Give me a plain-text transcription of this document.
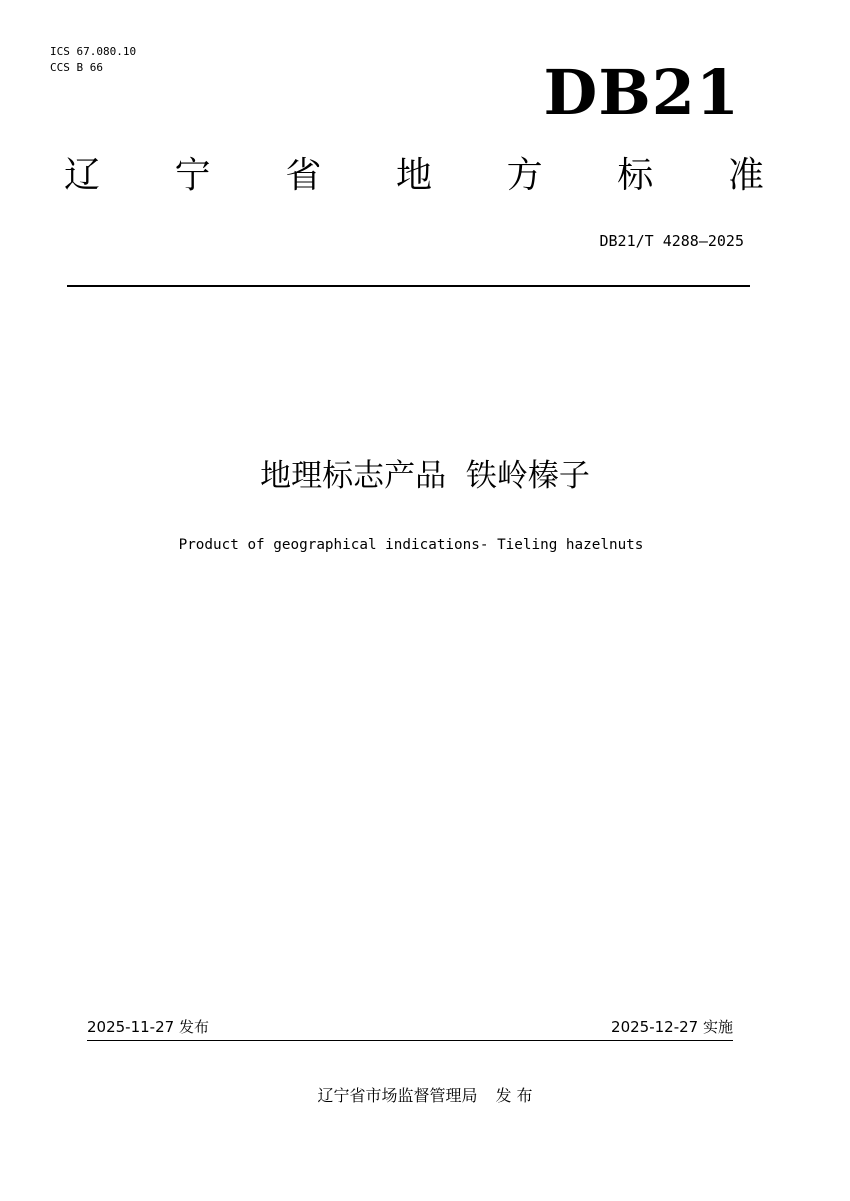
ICS 67.080.10
CCS B 66	DB21
辽 宁 省 地 方 标 准
DB21/T 4288—2025
地理标志产品  铁岭榛子
Product of geographical indications- Tieling hazelnuts
2025-11-27 发布	2025-12-27 实施
辽宁省市场监督管理局 发 布
